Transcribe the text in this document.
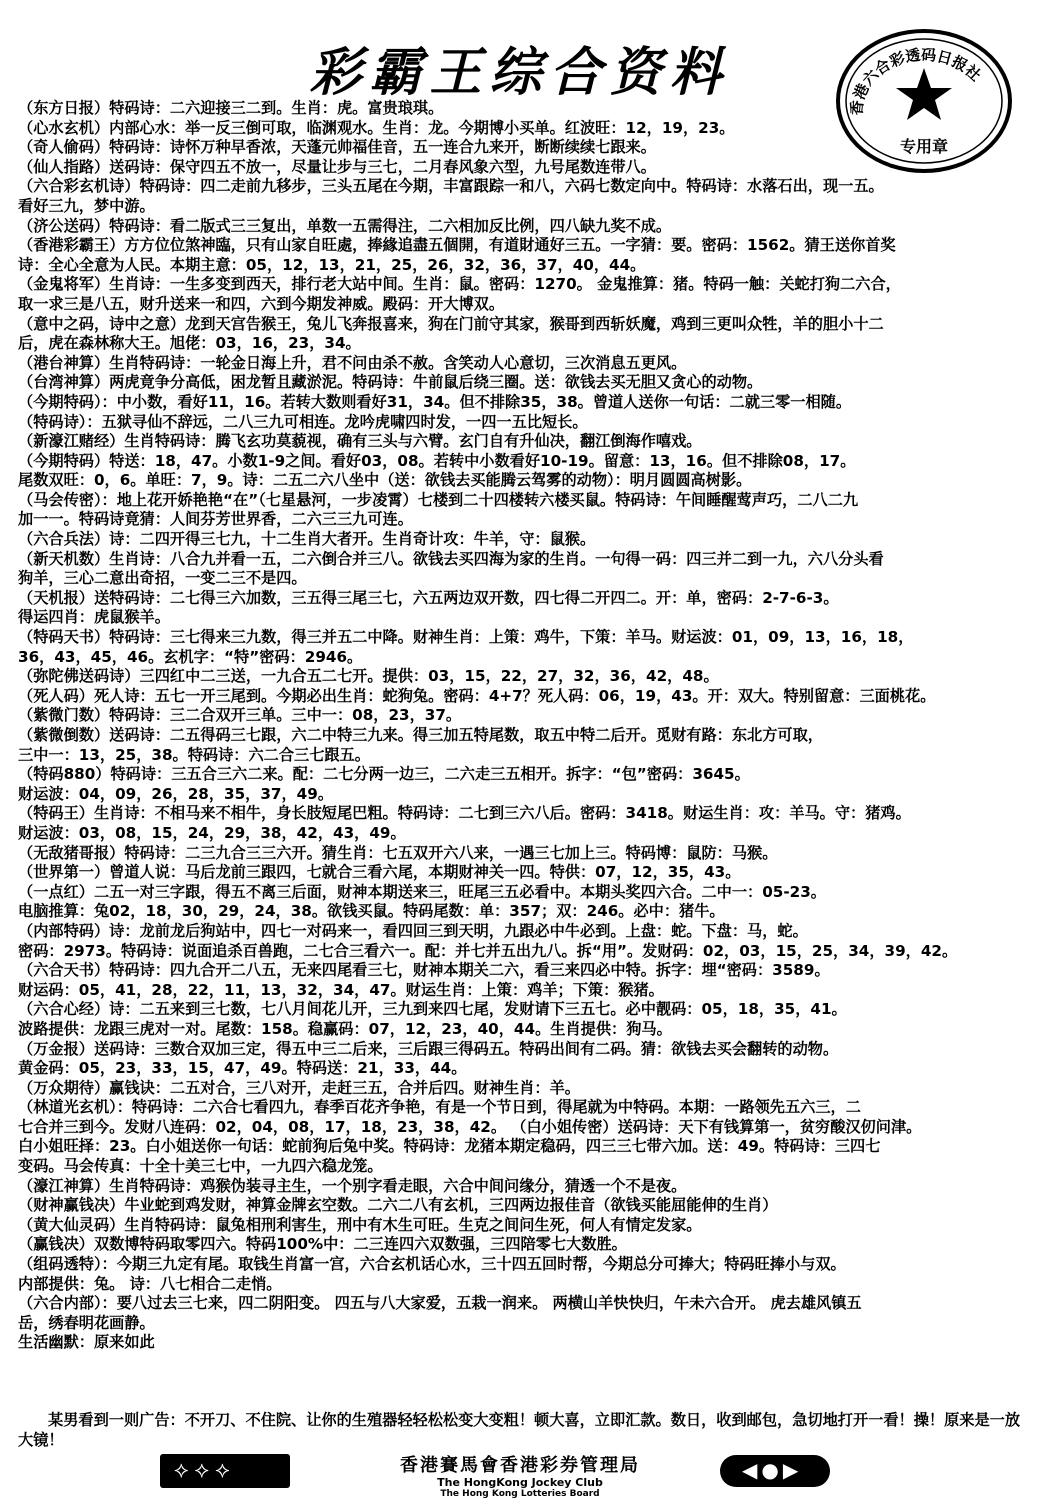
彩霸王综合资料
香港六合彩透码日报社
专用章
（东方日报）特码诗：二六迎接三二到。生肖：虎。富贵琅琪。
（心水玄机）内部心水：举一反三倒可取，临渊观水。生肖：龙。今期博小买单。红波旺：12，19，23。
（奇人偷码）特码诗：诗怀万种早香浓，天蓬元帅福佳音，五一连合九来开，断断续续七跟来。
（仙人指路）送码诗：保守四五不放一，尽量让步与三七，二月春风象六型，九号尾数连带八。
（六合彩玄机诗）特码诗：四二走前九移步，三头五尾在今期，丰富跟踪一和八，六码七数定向中。特码诗：水落石出，现一五。
看好三九，梦中游。
（济公送码）特码诗：看二版式三三复出，单数一五需得注，二六相加反比例，四八缺九奖不成。
（香港彩霸王）方方位位煞神臨，只有山家自旺處，捧緣追盡五個開，有道財通好三五。一字猜：要。密码：1562。猜王送你首奖
诗：全心全意为人民。本期主意：05，12，13，21，25，26，32，36，37，40，44。
（金鬼将军）生肖诗：一生多变到西天，排行老大站中间。生肖：鼠。密码：1270。 金鬼推算：猪。特码一触：关蛇打狗二六合，
取一求三是八五，财升送来一和四，六到今期发神威。殿码：开大博双。
（意中之码，诗中之意）龙到天宫告猴王，兔儿飞奔报喜来，狗在门前守其家，猴哥到西斩妖魔，鸡到三更叫众牲，羊的胆小十二
后，虎在森林称大王。旭佬：03，16，23，34。
（港台神算）生肖特码诗：一轮金日海上升，君不问由杀不赦。含笑动人心意切，三次消息五更风。
（台湾神算）两虎竟争分高低，困龙暂且藏淤泥。特码诗：牛前鼠后绕三圈。送：欲钱去买无胆又贪心的动物。
（今期特码）：中小数，看好11，16。若转大数则看好31，34。但不排除35，38。曾道人送你一句话：二就三零一相随。
（特码诗）：五狱寻仙不辞远，二八三九可相连。龙吟虎啸四时发，一四一五比短长。
（新濠江赌经）生肖特码诗：腾飞玄功莫藐视，确有三头与六臂。玄门自有升仙决，翻江倒海作嘻戏。
（今期特码）特送：18，47。小数1-9之间。看好03，08。若转中小数看好10-19。留意：13，16。但不排除08，17。
尾数双旺：0，6。单旺：7，9。诗：二五二六八坐中（送：欲钱去买能腾云驾雾的动物）：明月圆圆高树影。
（马会传密）：地上花开娇艳艳“在”（七星悬河，一步凌霄）七楼到二十四楼转六楼买鼠。特码诗：午间睡醒莺声巧，二八二九
加一一。特码诗竟猜：人间芬芳世界香，二六三三九可连。
（六合兵法）诗：二四开得三七九，十二生肖大者开。生肖奇计攻：牛羊，守：鼠猴。
（新天机数）生肖诗：八合九并看一五，二六倒合并三八。欲钱去买四海为家的生肖。一句得一码：四三并二到一九，六八分头看
狗羊，三心二意出奇招，一变二三不是四。
（天机报）送特码诗：二七得三六加数，三五得三尾三七，六五两边双开数，四七得二开四二。开：单，密码：2-7-6-3。
得运四肖：虎鼠猴羊。
（特码天书）特码诗：三七得来三九数，得三并五二中降。财神生肖：上策：鸡牛，下策：羊马。财运波：01，09，13，16，18，
36，43，45，46。玄机字：“特”密码：2946。
（弥陀佛送码诗）三四红中二三送，一九合五二七开。提供：03，15，22，27，32，36，42，48。
（死人码）死人诗：五七一开三尾到。今期必出生肖：蛇狗兔。密码：4+7？死人码：06，19，43。开：双大。特别留意：三面桃花。
（紫微门数）特码诗：三二合双开三单。三中一：08，23，37。
（紫微倒数）送码诗：二五得码三七跟，六二中特三九来。得三加五特尾数，取五中特二后开。觅财有路：东北方可取，
三中一：13，25，38。特码诗：六二合三七跟五。
（特码880）特码诗：三五合三六二来。配：二七分两一边三，二六走三五相开。拆字：“包”密码：3645。
财运波：04，09，26，28，35，37，49。
（特码王）生肖诗：不相马来不相牛，身长肢短尾巴粗。特码诗：二七到三六八后。密码：3418。财运生肖：攻：羊马。守：猪鸡。
财运波：03，08，15，24，29，38，42，43，49。
（无敌猪哥报）特码诗：二三九合三三六开。猜生肖：七五双开六八来，一遇三七加上三。特码博：鼠防：马猴。
（世界第一）曾道人说：马后龙前三跟四，七就合三看六尾，本期财神关一四。特供：07，12，35，43。
（一点红）二五一对三字跟，得五不离三后面，财神本期送来三，旺尾三五必看中。本期头奖四六合。二中一：05-23。
电脑推算：兔02，18，30，29，24，38。欲钱买鼠。特码尾数：单：357；双：246。必中：猪牛。
（内部特码）诗：龙前龙后狗站中，四七一对码来一，看四回三到天明，九跟必中牛必到。上盘：蛇。下盘：马，蛇。
密码：2973。特码诗：说面追杀百兽跑，二七合三看六一。配：并七并五出九八。拆“用”。发财码：02，03，15，25，34，39，42。
（六合天书）特码诗：四九合开二八五，无来四尾看三七，财神本期关二六，看三来四必中特。拆字：埋“密码：3589。
财运码：05，41，28，22，11，13，32，34，47。财运生肖：上策：鸡羊；下策：猴猪。
（六合心经）诗：二五来到三七数，七八月间花儿开，三九到来四七尾，发财请下三五七。必中靓码：05，18，35，41。
波路提供：龙跟三虎对一对。尾数：158。稳赢码：07，12，23，40，44。生肖提供：狗马。
（万金报）送码诗：三数合双加三定，得五中三二后来，三后跟三得码五。特码出间有二码。猜：欲钱去买会翻转的动物。
黄金码：05，23，33，15，47，49。特码送：21，33，44。
（万众期待）赢钱诀：二五对合，三八对开，走赶三五，合并后四。财神生肖：羊。
（林道光玄机）：特码诗：二六合七看四九，春季百花齐争艳，有是一个节日到，得尾就为中特码。本期：一路领先五六三，二
七合并三到今。发财八连码：02，04，08，17，18，23，38，42。 （白小姐传密）送码诗：天下有钱算第一，贫穷酸汉仞问津。
白小姐旺择：23。白小姐送你一句话：蛇前狗后兔中奖。特码诗：龙猪本期定稳码，四三三七带六加。送：49。特码诗：三四七
变码。马会传真：十全十美三七中，一九四六稳龙笼。
（濠江神算）生肖特码诗：鸡猴伪装寻主生，一个别字看走眼，六合中间问缘分，猜透一个不是夜。
（财神赢钱决）牛业蛇到鸡发财，神算金牌玄空数。二六二八有玄机，三四两边报佳音（欲钱买能屈能伸的生肖）
（黄大仙灵码）生肖特码诗：鼠兔相刑利害生，刑中有木生可旺。生克之间问生死，何人有情定发家。
（赢钱决）双数博特码取零四六。特码100%中：二三连四六双数强，三四陪零七大数胜。
（组码透特）：今期三九定有尾。取钱生肖富一宫，六合玄机话心水，三十四五回时帮，今期总分可捧大；特码旺捧小与双。
内部提供：兔。 诗：八七相合二走悄。
（六合内部）：要八过去三七来，四二阴阳变。 四五与八大家爱，五栽一润来。 两横山羊快快归，午未六合开。 虎去雄风镇五
岳，绣春明花画静。
生活幽默：原来如此
某男看到一则广告：不开刀、不住院、让你的生殖器轻轻松松变大变粗！顿大喜，立即汇款。数日，收到邮包，急切地打开一看！操！原来是一放大镜！
⟡⟡⟡	香港賽馬會香港彩券管理局
The HongKong Jockey Club
The Hong Kong Lotteries Board
◀●▶
